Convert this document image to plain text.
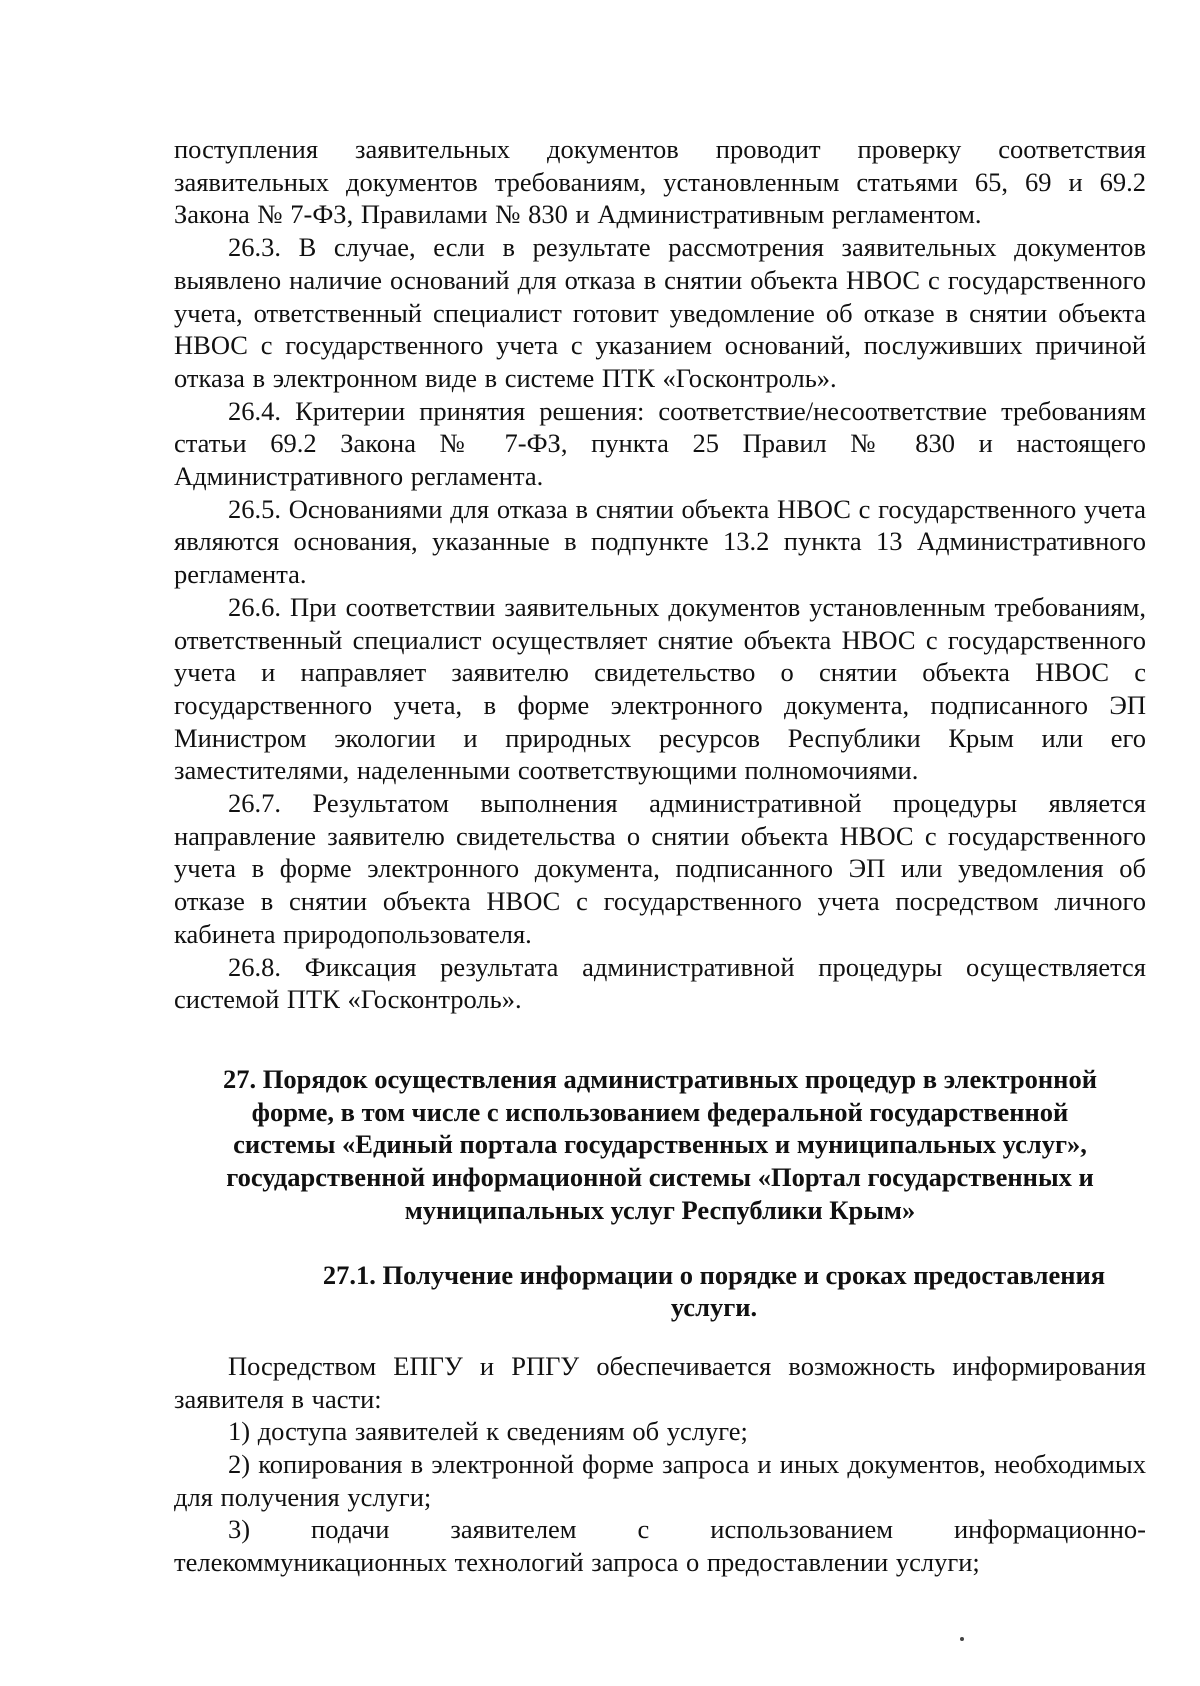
поступления заявительных документов проводит проверку соответствия заявительных документов требованиям, установленным статьями 65, 69 и 69.2 Закона № 7-ФЗ, Правилами № 830 и Административным регламентом.

26.3. В случае, если в результате рассмотрения заявительных документов выявлено наличие оснований для отказа в снятии объекта НВОС с государственного учета, ответственный специалист готовит уведомление об отказе в снятии объекта НВОС с государственного учета с указанием оснований, послуживших причиной отказа в электронном виде в системе ПТК «Госконтроль».

26.4. Критерии принятия решения: соответствие/несоответствие требованиям статьи 69.2 Закона № 7-ФЗ, пункта 25 Правил № 830 и настоящего Административного регламента.

26.5. Основаниями для отказа в снятии объекта НВОС с государственного учета являются основания, указанные в подпункте 13.2 пункта 13 Административного регламента.

26.6. При соответствии заявительных документов установленным требованиям, ответственный специалист осуществляет снятие объекта НВОС с государственного учета и направляет заявителю свидетельство о снятии объекта НВОС с государственного учета, в форме электронного документа, подписанного ЭП Министром экологии и природных ресурсов Республики Крым или его заместителями, наделенными соответствующими полномочиями.

26.7. Результатом выполнения административной процедуры является направление заявителю свидетельства о снятии объекта НВОС с государственного учета в форме электронного документа, подписанного ЭП или уведомления об отказе в снятии объекта НВОС с государственного учета посредством личного кабинета природопользователя.

26.8. Фиксация результата административной процедуры осуществляется системой ПТК «Госконтроль».

27. Порядок осуществления административных процедур в электронной форме, в том числе с использованием федеральной государственной системы «Единый портала государственных и муниципальных услуг», государственной информационной системы «Портал государственных и муниципальных услуг Республики Крым»
27.1. Получение информации о порядке и сроках предоставления услуги.

Посредством ЕПГУ и РПГУ обеспечивается возможность информирования заявителя в части:

1) доступа заявителей к сведениям об услуге;

2) копирования в электронной форме запроса и иных документов, необходимых для получения услуги;

3) подачи заявителем с использованием информационно-телекоммуникационных технологий запроса о предоставлении услуги;
